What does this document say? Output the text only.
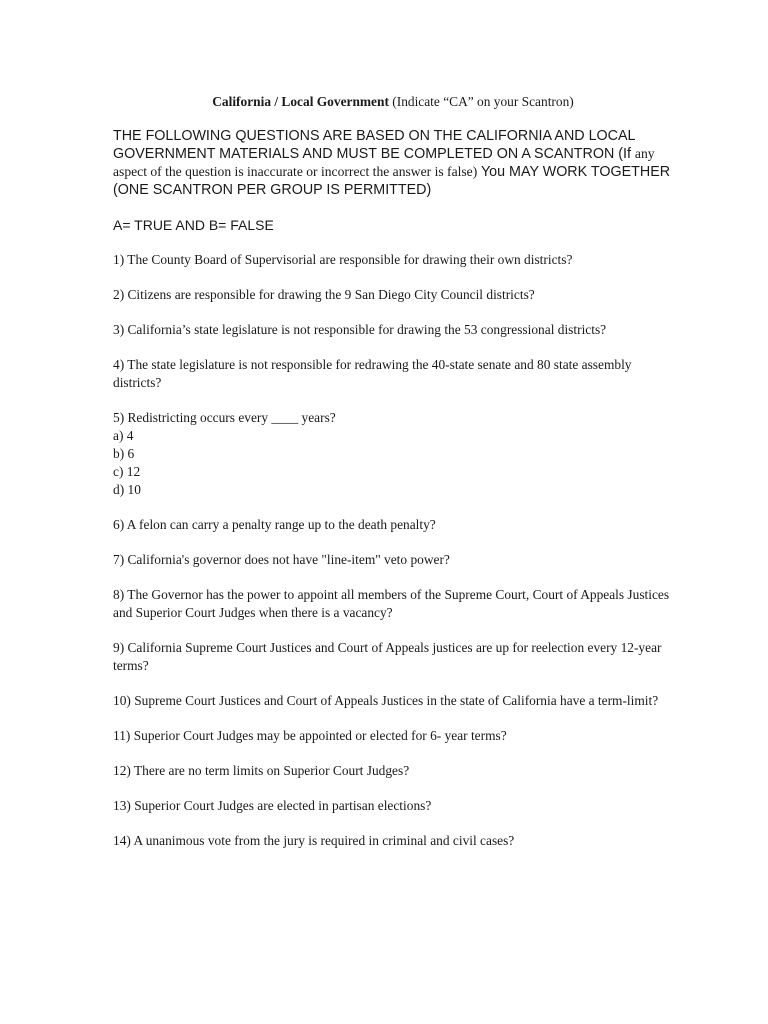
California / Local Government (Indicate “CA” on your Scantron)
THE FOLLOWING QUESTIONS ARE BASED ON THE CALIFORNIA AND LOCAL GOVERNMENT MATERIALS AND MUST BE COMPLETED ON A SCANTRON (If any aspect of the question is inaccurate or incorrect the answer is false) You MAY WORK TOGETHER (ONE SCANTRON PER GROUP IS PERMITTED)
A= TRUE AND B= FALSE
1) The County Board of Supervisorial are responsible for drawing their own districts?
2) Citizens are responsible for drawing the 9 San Diego City Council districts?
3) California’s state legislature is not responsible for drawing the 53 congressional districts?
4) The state legislature is not responsible for redrawing the 40-state senate and 80 state assembly districts?
5) Redistricting occurs every ____ years?
a) 4
b) 6
c) 12
d) 10
6) A felon can carry a penalty range up to the death penalty?
7) California's governor does not have "line-item" veto power?
8) The Governor has the power to appoint all members of the Supreme Court, Court of Appeals Justices and Superior Court Judges when there is a vacancy?
9) California Supreme Court Justices and Court of Appeals justices are up for reelection every 12-year terms?
10) Supreme Court Justices and Court of Appeals Justices in the state of California have a term-limit?
11) Superior Court Judges may be appointed or elected for 6- year terms?
12) There are no term limits on Superior Court Judges?
13) Superior Court Judges are elected in partisan elections?
14) A unanimous vote from the jury is required in criminal and civil cases?
